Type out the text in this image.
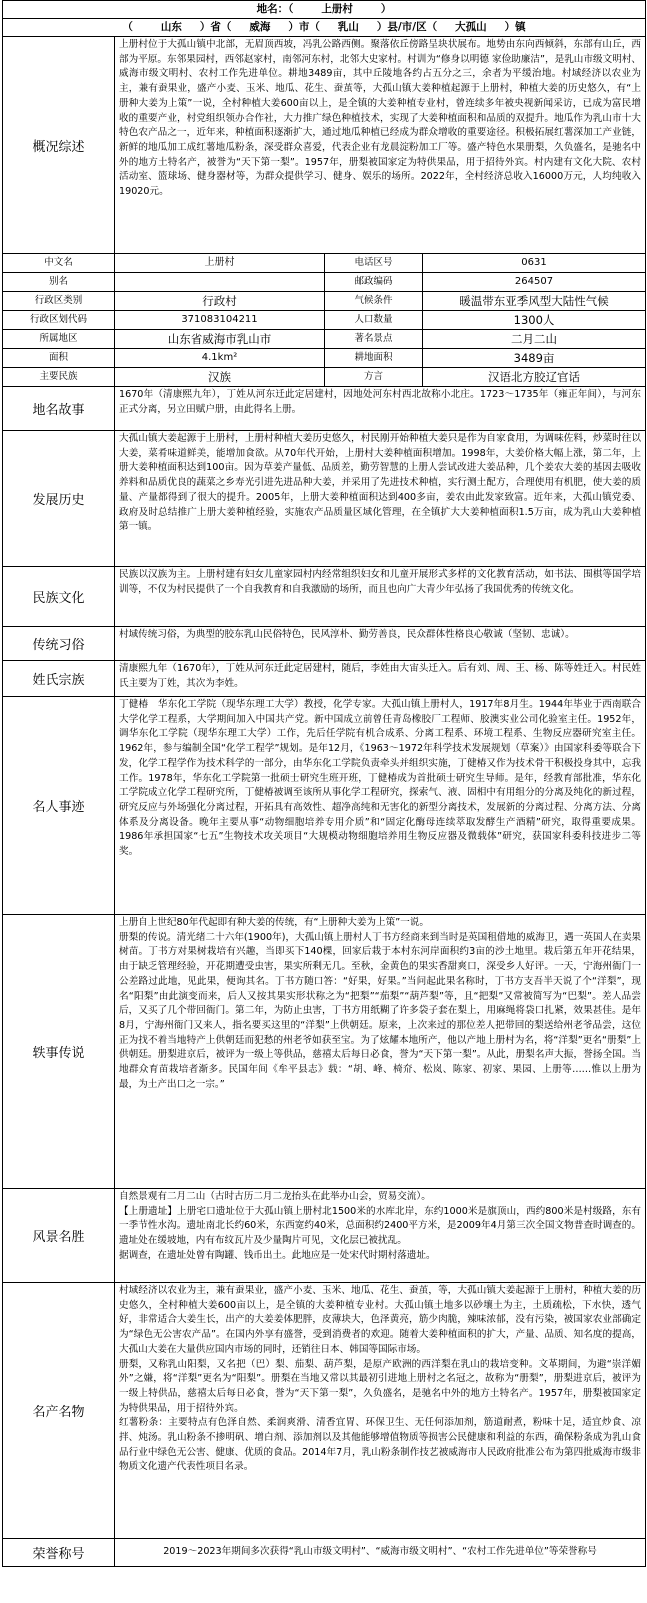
地名：（ 上册村 ）			
（ 山东 ）省（ 威海 ）市（ 乳山 ）县/市/区（ 大孤山 ）镇			
概况综述	上册村位于大孤山镇中北部，无眉顶西坡，冯乳公路西侧。聚落依丘傍路呈块状展布。地势由东向西倾斜，东部有山丘，西部为平原。东邻果园村，西邻赵家村，南邻河东村，北邻大史家村。村训为“修身以明德 家俭助廉洁”，是乳山市级文明村、威海市级文明村、农村工作先进单位。耕地3489亩，其中丘陵地各约占五分之三，余者为平缓治地。村域经济以农业为主，兼有蚕果业，盛产小麦、玉米、地瓜、花生、蚕茧等，大孤山镇大姜种植起源于上册村，种植大姜的历史悠久，有“上册种大姜为上策”一说，全村种植大姜600亩以上，是全镇的大姜种植专业村，曾连续多年被央视新闻采访，已成为富民增收的重要产业，村党组织领办合作社，大力推广绿色种植技术，实现了大姜种植面积和品质的双提升。地瓜作为乳山市十大特色农产品之一，近年来，种植面积逐渐扩大，通过地瓜种植已经成为群众增收的重要途径。积极拓展红薯深加工产业链，新鲜的地瓜加工成红薯地瓜粉条，深受群众喜爱，代表企业有龙晨淀粉加工厂等。盛产特色水果册梨，久负盛名，是驰名中外的地方土特名产，被誉为“天下第一梨”。1957年，册梨被国家定为特供果品，用于招待外宾。村内建有文化大院、农村活动室、篮球场、健身器材等，为群众提供学习、健身、娱乐的场所。2022年，全村经济总收入16000万元，人均纯收入19020元。		
中文名	上册村	电话区号	0631
别名		邮政编码	264507
行政区类别	行政村	气候条件	暖温带东亚季风型大陆性气候
行政区划代码	371083104211	人口数量	1300人
所属地区	山东省威海市乳山市	著名景点	二月二山
面积	4.1km²	耕地面积	3489亩
主要民族	汉族	方言	汉语北方胶辽官话
地名故事	1670年（清康熙九年），丁姓从河东迁此定居建村，因地处河东村西北故称小北庄。1723～1735年（雍正年间），与河东正式分离，另立田赋户册，由此得名上册。		
发展历史	大孤山镇大姜起源于上册村，上册村种植大姜历史悠久，村民刚开始种植大姜只是作为自家食用，为调味佐料，炒菜时往以大姜，菜肴味道鲜美，能增加食欲。从70年代开始，上册村大姜种植面积增加。1998年，大姜价格大幅上涨，第二年，上册大姜种植面积达到100亩。因为草姜产量低、品质差，勤劳智慧的上册人尝试改进大姜品种，几个姜农大姜的基因去吸收养料和品质优良的蔬菜之乡寿光引进先进品种大姜，并采用了先进技术种植，实行测土配方，合理使用有机肥，使大姜的质量、产量都得到了很大的提升。2005年，上册大姜种植面积达到400多亩，姜农由此发家致富。近年来，大孤山镇党委、政府及时总结推广上册大姜种植经验，实施农产品质量区域化管理，在全镇扩大大姜种植面积1.5万亩，成为乳山大姜种植第一镇。		
民族文化	民族以汉族为主。上册村建有妇女儿童家园村内经常组织妇女和儿童开展形式多样的文化教育活动，如书法、围棋等国学培训等，不仅为村民提供了一个自我教育和自我激励的场所，而且也向广大青少年弘扬了我国优秀的传统文化。		
传统习俗	村域传统习俗，为典型的胶东乳山民俗特色，民风淳朴、勤劳善良，民众群体性格良心敬诚（坚韧、忠诚）。		
姓氏宗族	清康熙九年（1670年），丁姓从河东迁此定居建村，随后，李姓由大宙头迁入。后有刘、周、王、杨、陈等姓迁入。村民姓氏主要为丁姓，其次为李姓。		
名人事迹	丁健椿　华东化工学院（现华东理工大学）教授，化学专家。大孤山镇上册村人，1917年8月生。1944年毕业于西南联合大学化学工程系，大学期间加入中国共产党。新中国成立前曾任青岛橡胶厂工程师、胶澳实业公司化验室主任。1952年，调华东化工学院（现华东理工大学）工作，先后任学院有机合成系、分离工程系、环境工程系、生物反应器研究室主任。1962年，参与编制全国“化学工程学”规划。是年12月，《1963～1972年科学技术发展规划（草案）》由国家科委等联合下发，化学工程学作为技术科学的一部分，由华东化工学院负责牵头并组织实施，丁健椿又作为技术骨干积极投身其中，忘我工作。1978年，华东化工学院第一批硕士研究生班开班，丁健椿成为首批硕士研究生导师。是年，经教育部批准，华东化工学院成立化学工程研究所，丁健椿被调至该所从事化学工程研究，探索气、液、固相中有用组分的分离及纯化的新过程，研究反应与外场强化分离过程，开拓具有高效性、超净高纯和无害化的新型分离技术，发展新的分离过程、分离方法、分离体系及分离设备。晚年主要从事“动物细胞培养专用介质”和“固定化酶母连续萃取发酵生产酒精”研究，取得重要成果。1986年承担国家“七五”生物技术攻关项目“大规模动物细胞培养用生物反应器及微载体”研究，获国家科委科技进步二等奖。		
轶事传说	上册自上世纪80年代起即有种大姜的传统，有“上册种大姜为上策”一说。
册梨的传说。清光绪二十六年(1900年)，大孤山镇上册村人丁书方经商来到当时是英国租借地的威海卫，遇一英国人在卖果树苗。丁书方对果树栽培有兴趣，当即买下140棵，回家后栽于本村东河岸面积约3亩的沙土地里。栽后第五年开花结果，由于缺乏管理经验，开花期遭受虫害，果实所剩无几。至秋，金黄色的果实香甜爽口，深受乡人好评。一天，宁海州衙门一公差路过此地，见此果，便询其名。丁书方随口答：“好果，好果。”当问起此果名称时，丁书方支吾半天说了个“洋梨”，现名“阳梨”由此演变而来，后人又按其果实形状称之为“把梨”“茄梨”“葫芦梨”等，且“把梨”又常被简写为“巴梨”。差人品尝后，又买了几个带回衙门。第二年，为防止虫害，丁书方用纸糊了许多袋子套在梨上，用麻绳将袋口扎紧，效果甚佳。是年8月，宁海州衙门又来人，指名要买这里的“洋梨”上供朝廷。原来，上次来过的那位差人把带回的梨送给州老爷品尝，这位正为找不着当地特产上供朝廷而犯愁的州老爷如获至宝。为了炫耀本地所产，他以产地上册村为名，将“洋梨”更名“册梨”上供朝廷。册梨进京后，被评为一级上等供品，慈禧太后每日必食，誉为“天下第一梨”。从此，册梨名声大振，誉扬全国。当地群众育苗栽培者渐多。民国年间《牟平县志》载：“胡、峰、椅夼、松岚、陈家、初家、果园、上册等……惟以上册为最，为土产出口之一宗。”		
风景名胜	自然景观有二月二山（古时古历二月二龙抬头在此举办山会，贸易交流）。
【上册遗址】上册宅口遗址位于大孤山镇上册村北1500米的水库北岸，东约1000米是旗顶山，西约800米是村级路，东有一季节性水沟。遗址南北长约60米，东西宽约40米，总面积约2400平方米，是2009年4月第三次全国文物普查时调查的。遗址处在缓坡地，内有布纹瓦片及少量陶片可见，文化层已被扰乱。
据调查，在遗址处曾有陶罐、钱币出土。此地应是一处宋代时期村落遗址。		
名产名物	村域经济以农业为主，兼有蚕果业，盛产小麦、玉米、地瓜、花生、蚕茧，等，大孤山镇大姜起源于上册村，种植大姜的历史悠久，全村种植大姜600亩以上，是全镇的大姜种植专业村。大孤山镇土地多以砂壤土为主，土质疏松，下水快，透气好，非常适合大姜生长，出产的大姜姜体肥胖，皮薄块大，色泽黄亮，筋少肉脆，辣味浓郁，没有污染，被国家农业部确定为“绿色无公害农产品”。在国内外享有盛誉，受到消费者的欢迎。随着大姜种植面积的扩大，产量、品质、知名度的提高，大孤山大姜在大量供应国内市场的同时，还销往日本、韩国等国际市场。
册梨，又称乳山阳梨，又名把（巴）梨、茄梨、葫芦梨，是原产欧洲的西洋梨在乳山的栽培变种。文革期间，为避“崇洋媚外”之嫌，将“洋梨”更名为“阳梨”。册梨在当地又常以其最初引进地上册村之名冠之，故称为“册梨”，册梨进京后，被评为一级上特供品，慈禧太后每日必食，誉为“天下第一梨”，久负盛名，是驰名中外的地方土特名产。1957年，册梨被国家定为特供果品，用于招待外宾。
红薯粉条：主要特点有色泽自然、柔润爽滑、清香宜胃、环保卫生、无任何添加剂，筋道耐煮，粉味十足，适宜炒食、凉拌、炖汤。乳山粉条不掺明矾、增白剂、添加剂以及其他能够增值物质等损害公民健康和利益的东西，确保粉条成为乳山食品行业中绿色无公害、健康、优质的食品。2014年7月，乳山粉条制作技艺被威海市人民政府批准公布为第四批威海市级非物质文化遗产代表性项目名录。		
荣誉称号	2019～2023年期间多次获得“乳山市级文明村”、“威海市级文明村”、“农村工作先进单位”等荣誉称号		
